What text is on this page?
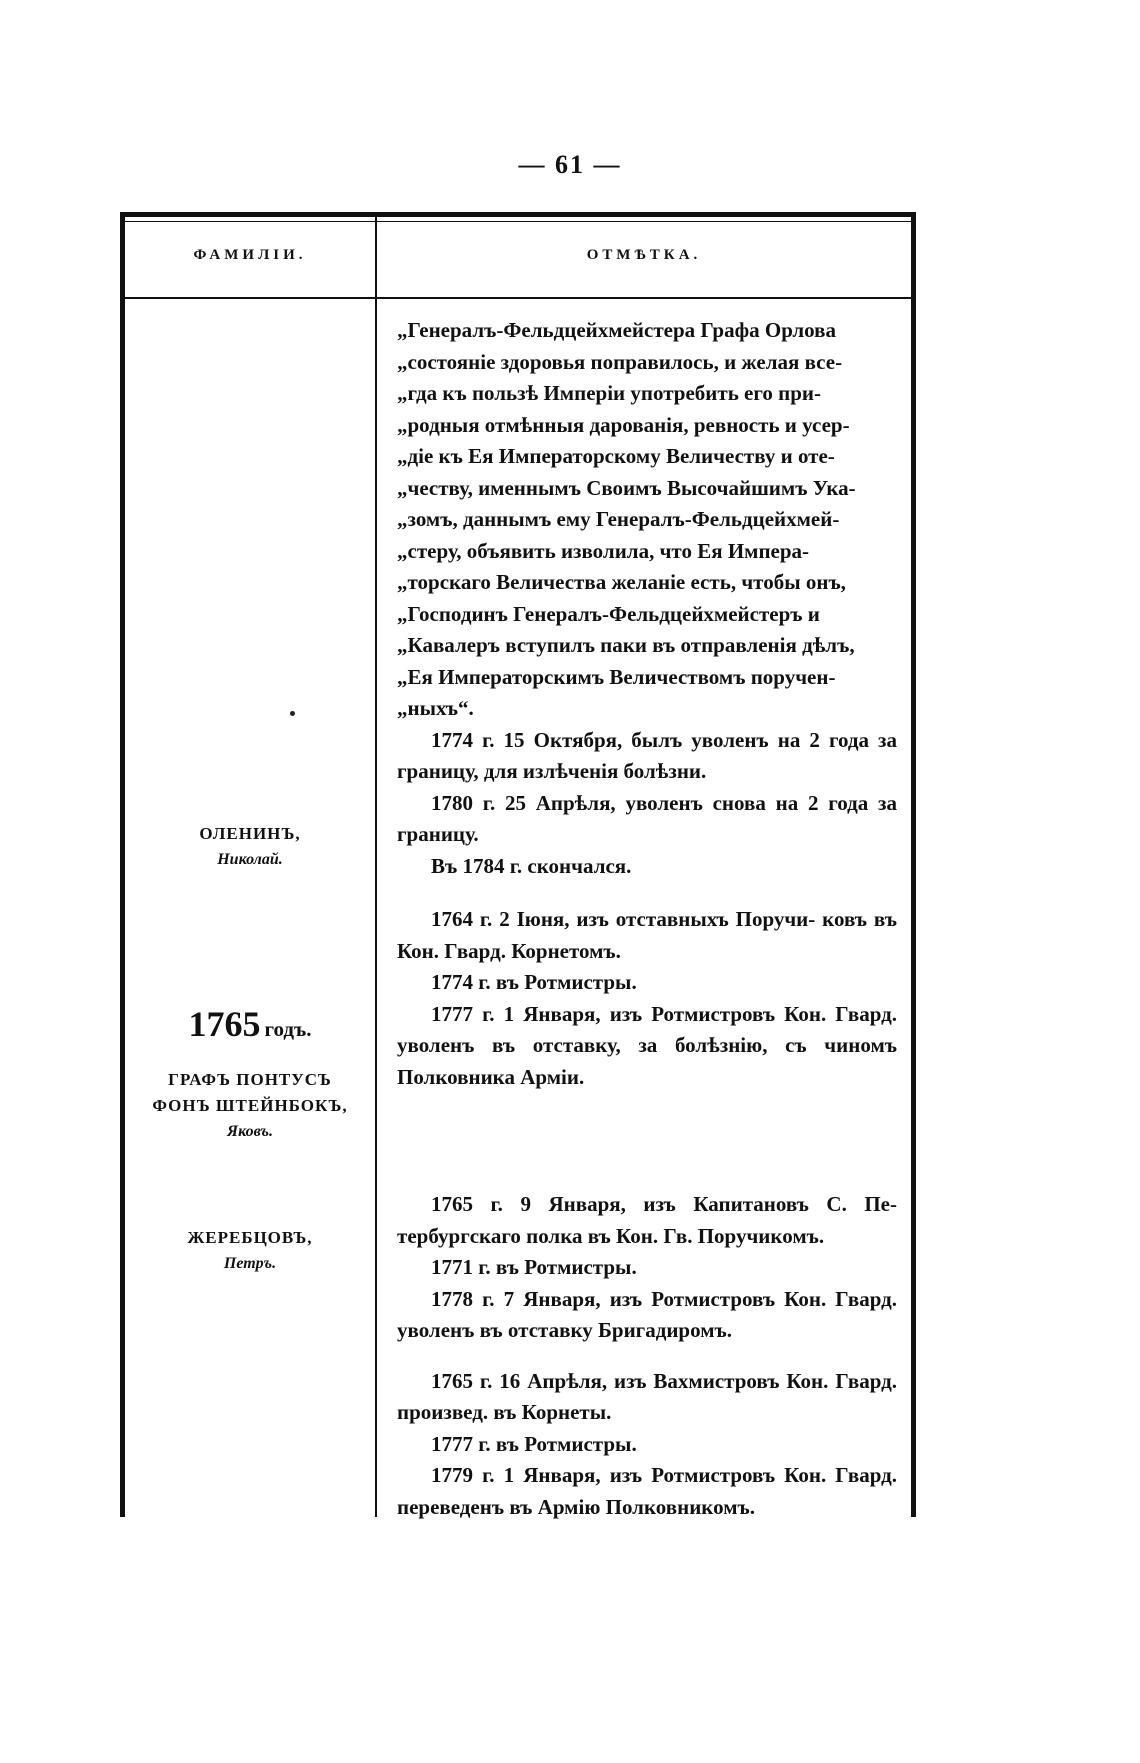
— 61 —
ФАМИЛІИ.	ОТМѢТКА.
ОЛЕНИНЪ,
Николай.
1765 годъ.
ГРАФЪ ПОНТУСЪ
ФОНЪ ШТЕЙНБОКЪ,
Яковъ.
ЖЕРЕБЦОВЪ,
Петръ.

„Генералъ-Фельдцейхмейстера Графа Орлова

„состояніе здоровья поправилось, и желая все-

„гда къ пользѣ Имперіи употребить его при-

„родныя отмѣнныя дарованія, ревность и усер-

„діе къ Ея Императорскому Величеству и оте-

„честву, именнымъ Своимъ Высочайшимъ Ука-

„зомъ, даннымъ ему Генералъ-Фельдцейхмей-

„стеру, объявить изволила, что Ея Импера-

„торскаго Величества желаніе есть, чтобы онъ,

„Господинъ Генералъ-Фельдцейхмейстеръ и

„Кавалеръ вступилъ паки въ отправленія дѣлъ,

„Ея Императорскимъ Величествомъ поручен-

„ныхъ“.

1774 г. 15 Октября, былъ уволенъ на 2 года за границу, для излѣченія болѣзни.

1780 г. 25 Апрѣля, уволенъ снова на 2 года за границу.

Въ 1784 г. скончался.

1764 г. 2 Іюня, изъ отставныхъ Поручи- ковъ въ Кон. Гвард. Корнетомъ.

1774 г. въ Ротмистры.

1777 г. 1 Января, изъ Ротмистровъ Кон. Гвард. уволенъ въ отставку, за болѣзнію, съ чиномъ Полковника Арміи.

1765 г. 9 Января, изъ Капитановъ С. Пе- тербургскаго полка въ Кон. Гв. Поручикомъ.

1771 г. въ Ротмистры.

1778 г. 7 Января, изъ Ротмистровъ Кон. Гвард. уволенъ въ отставку Бригадиромъ.

1765 г. 16 Апрѣля, изъ Вахмистровъ Кон. Гвард. произвед. въ Корнеты.

1777 г. въ Ротмистры.

1779 г. 1 Января, изъ Ротмистровъ Кон. Гвард. переведенъ въ Армію Полковникомъ.
